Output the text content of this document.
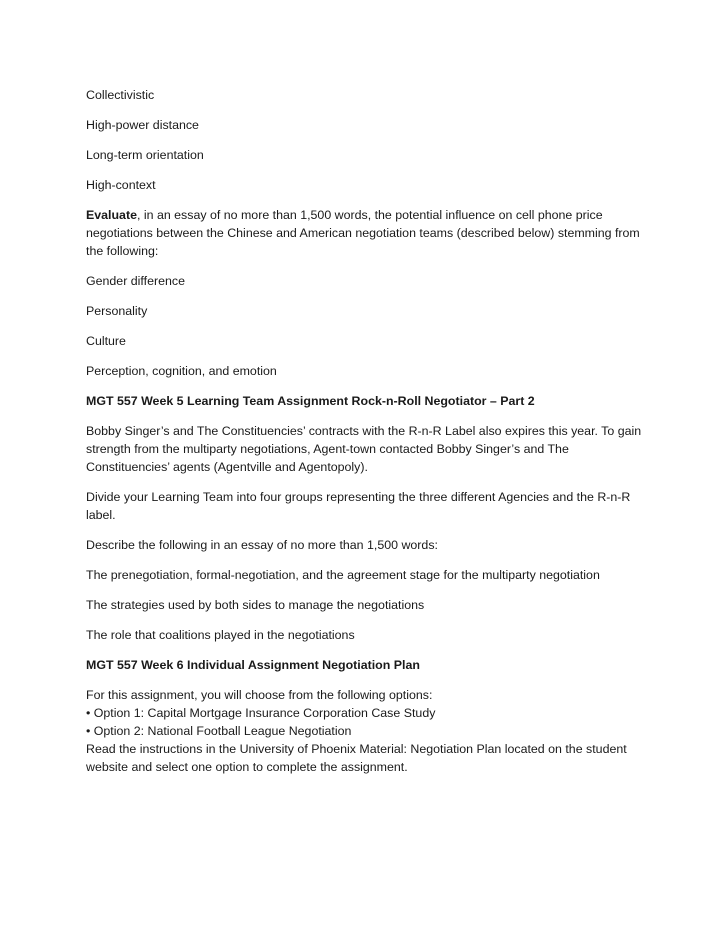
Collectivistic

High-power distance

Long-term orientation

High-context

Evaluate, in an essay of no more than 1,500 words, the potential influence on cell phone price negotiations between the Chinese and American negotiation teams (described below) stemming from the following:

Gender difference

Personality

Culture

Perception, cognition, and emotion

MGT 557 Week 5 Learning Team Assignment Rock-n-Roll Negotiator – Part 2

Bobby Singer’s and The Constituencies’ contracts with the R-n-R Label also expires this year. To gain strength from the multiparty negotiations, Agent-town contacted Bobby Singer’s and The Constituencies’ agents (Agentville and Agentopoly).

Divide your Learning Team into four groups representing the three different Agencies and the R-n-R label.

Describe the following in an essay of no more than 1,500 words:

The prenegotiation, formal-negotiation, and the agreement stage for the multiparty negotiation

The strategies used by both sides to manage the negotiations

The role that coalitions played in the negotiations

MGT 557 Week 6 Individual Assignment Negotiation Plan

For this assignment, you will choose from the following options:

• Option 1: Capital Mortgage Insurance Corporation Case Study

• Option 2: National Football League Negotiation

Read the instructions in the University of Phoenix Material: Negotiation Plan located on the student website and select one option to complete the assignment.
